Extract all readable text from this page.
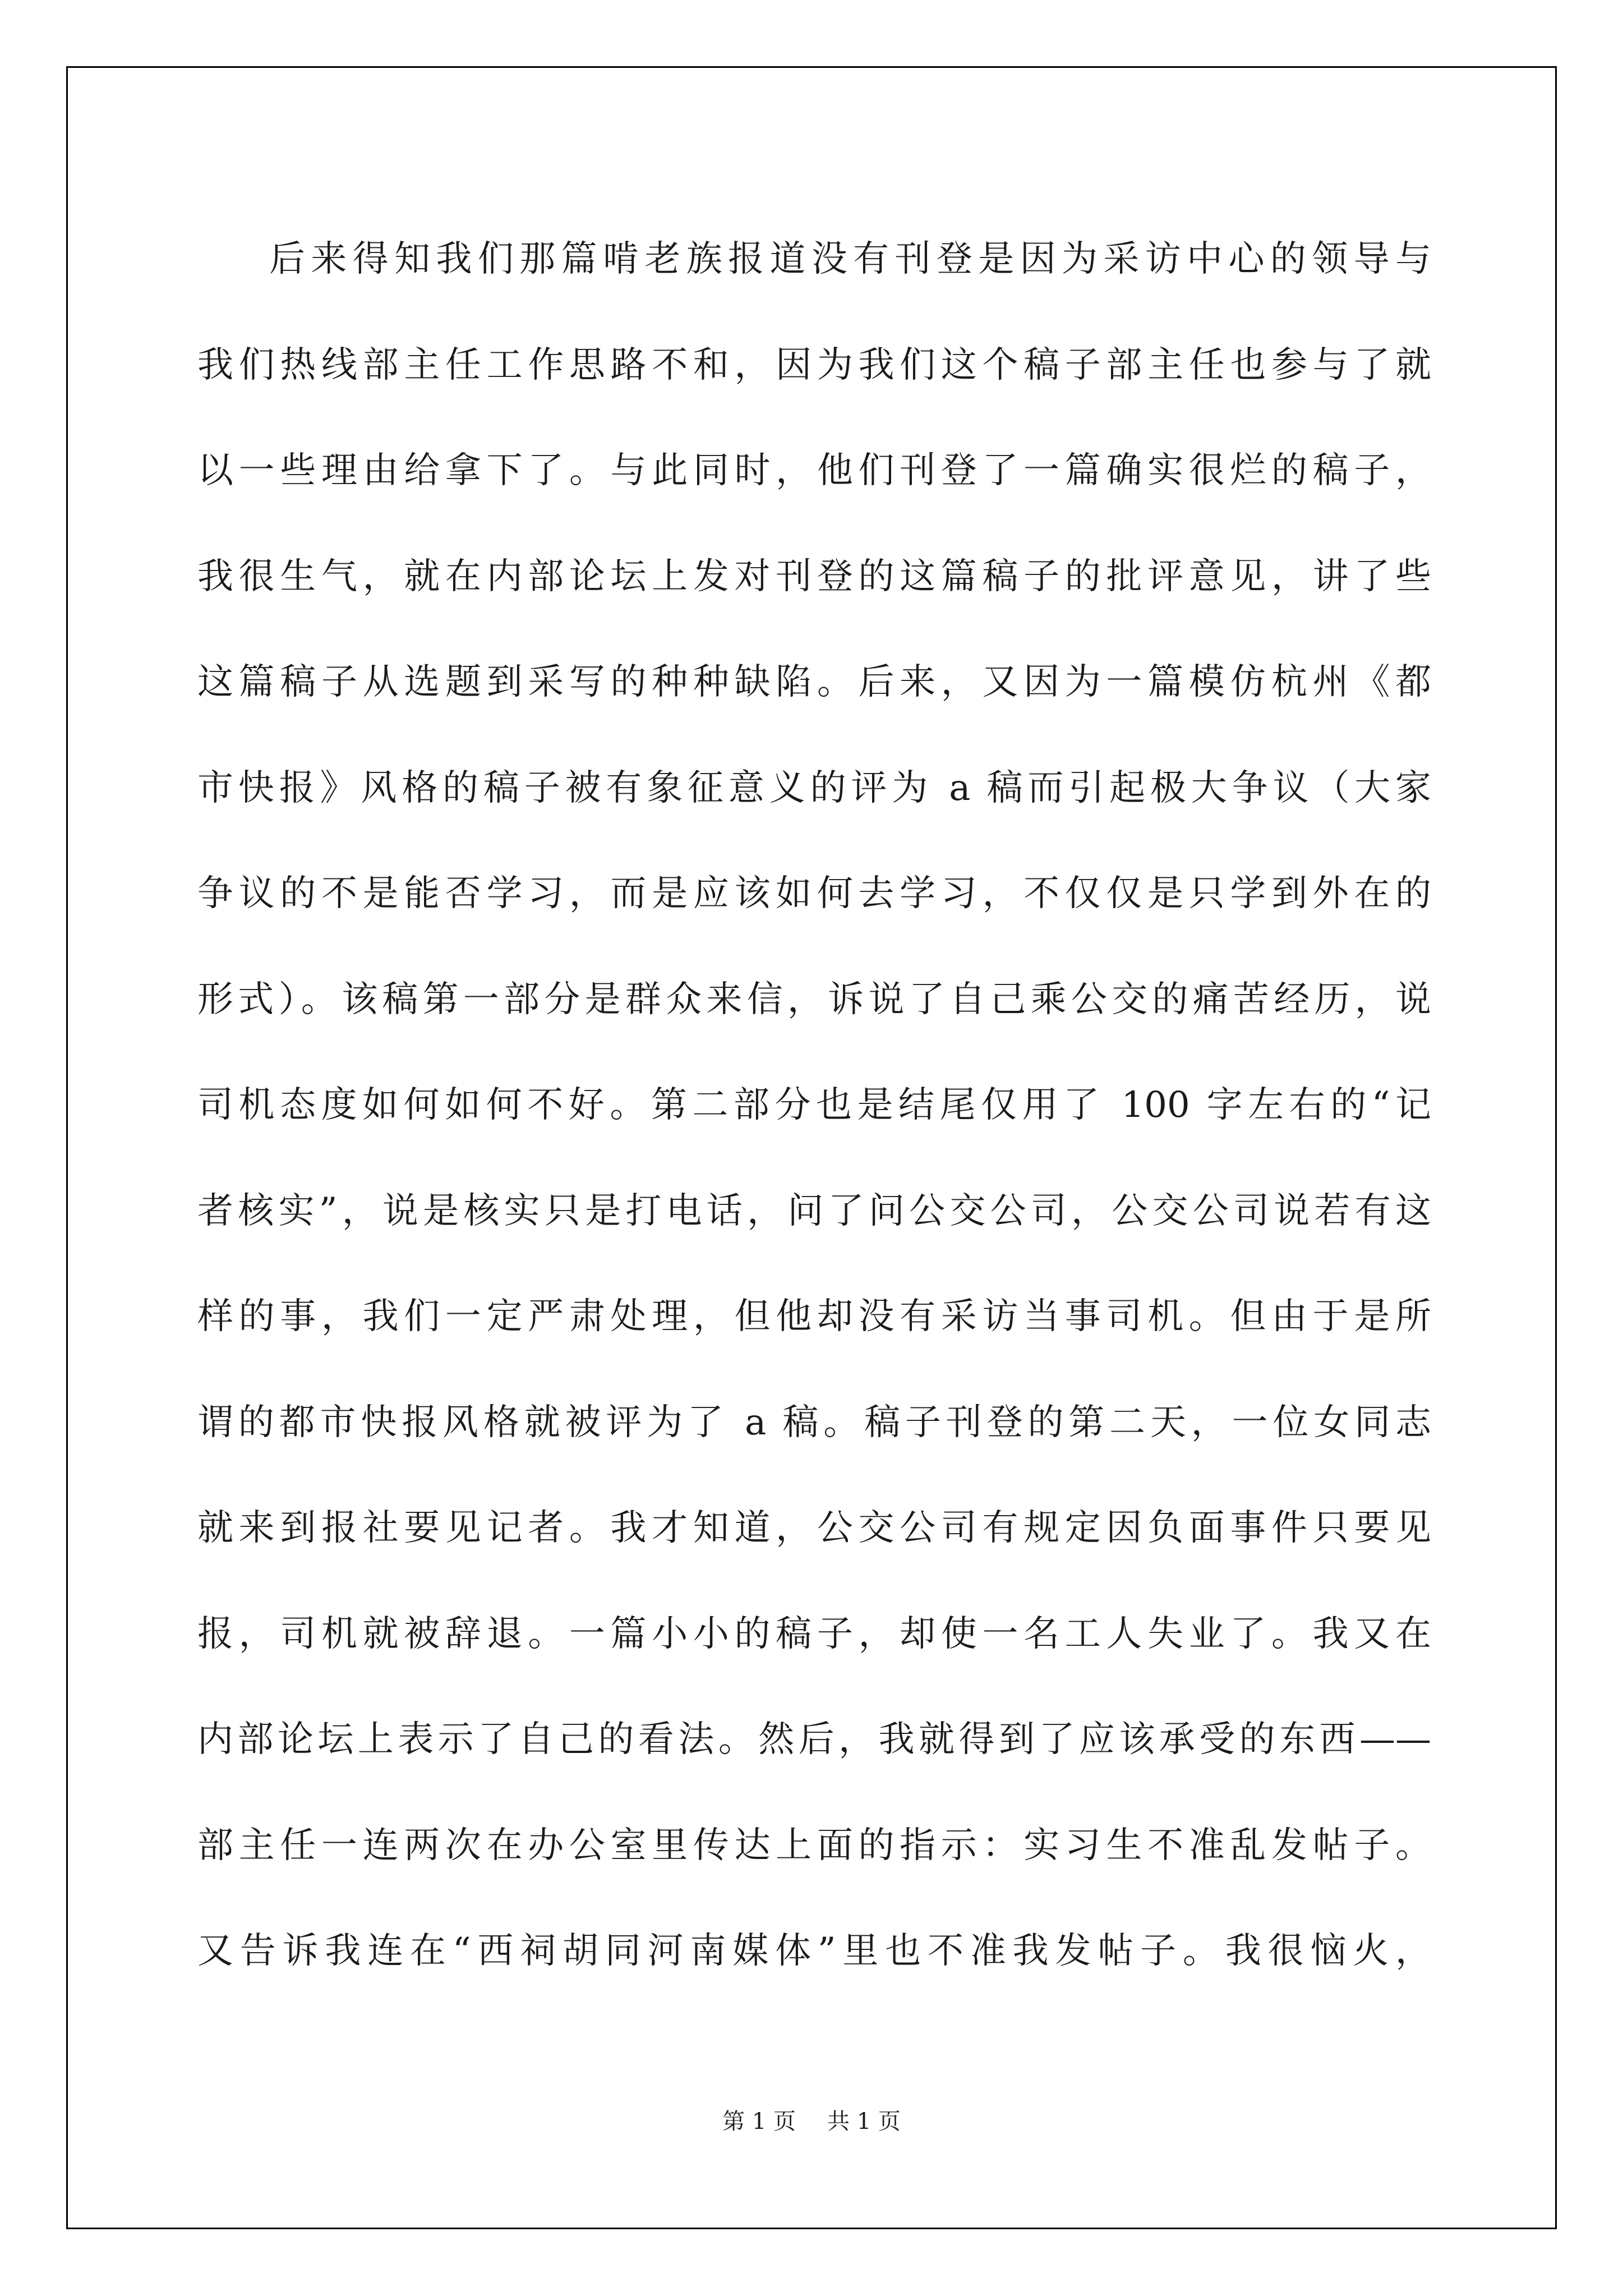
后来得知我们那篇啃老族报道没有刊登是因为采访中心的领导与
我们热线部主任工作思路不和，因为我们这个稿子部主任也参与了就
以一些理由给拿下了。与此同时，他们刊登了一篇确实很烂的稿子，
我很生气，就在内部论坛上发对刊登的这篇稿子的批评意见，讲了些
这篇稿子从选题到采写的种种缺陷。后来，又因为一篇模仿杭州《都
市快报》风格的稿子被有象征意义的评为 a 稿而引起极大争议（大家
争议的不是能否学习，而是应该如何去学习，不仅仅是只学到外在的
形式）。该稿第一部分是群众来信，诉说了自己乘公交的痛苦经历，说
司机态度如何如何不好。第二部分也是结尾仅用了 100 字左右的“记
者核实”，说是核实只是打电话，问了问公交公司，公交公司说若有这
样的事，我们一定严肃处理，但他却没有采访当事司机。但由于是所
谓的都市快报风格就被评为了 a 稿。稿子刊登的第二天，一位女同志
就来到报社要见记者。我才知道，公交公司有规定因负面事件只要见
报，司机就被辞退。一篇小小的稿子，却使一名工人失业了。我又在
内部论坛上表示了自己的看法。然后，我就得到了应该承受的东西——
部主任一连两次在办公室里传达上面的指示：实习生不准乱发帖子。
又告诉我连在“西祠胡同河南媒体”里也不准我发帖子。我很恼火，
第 1 页 共 1 页
